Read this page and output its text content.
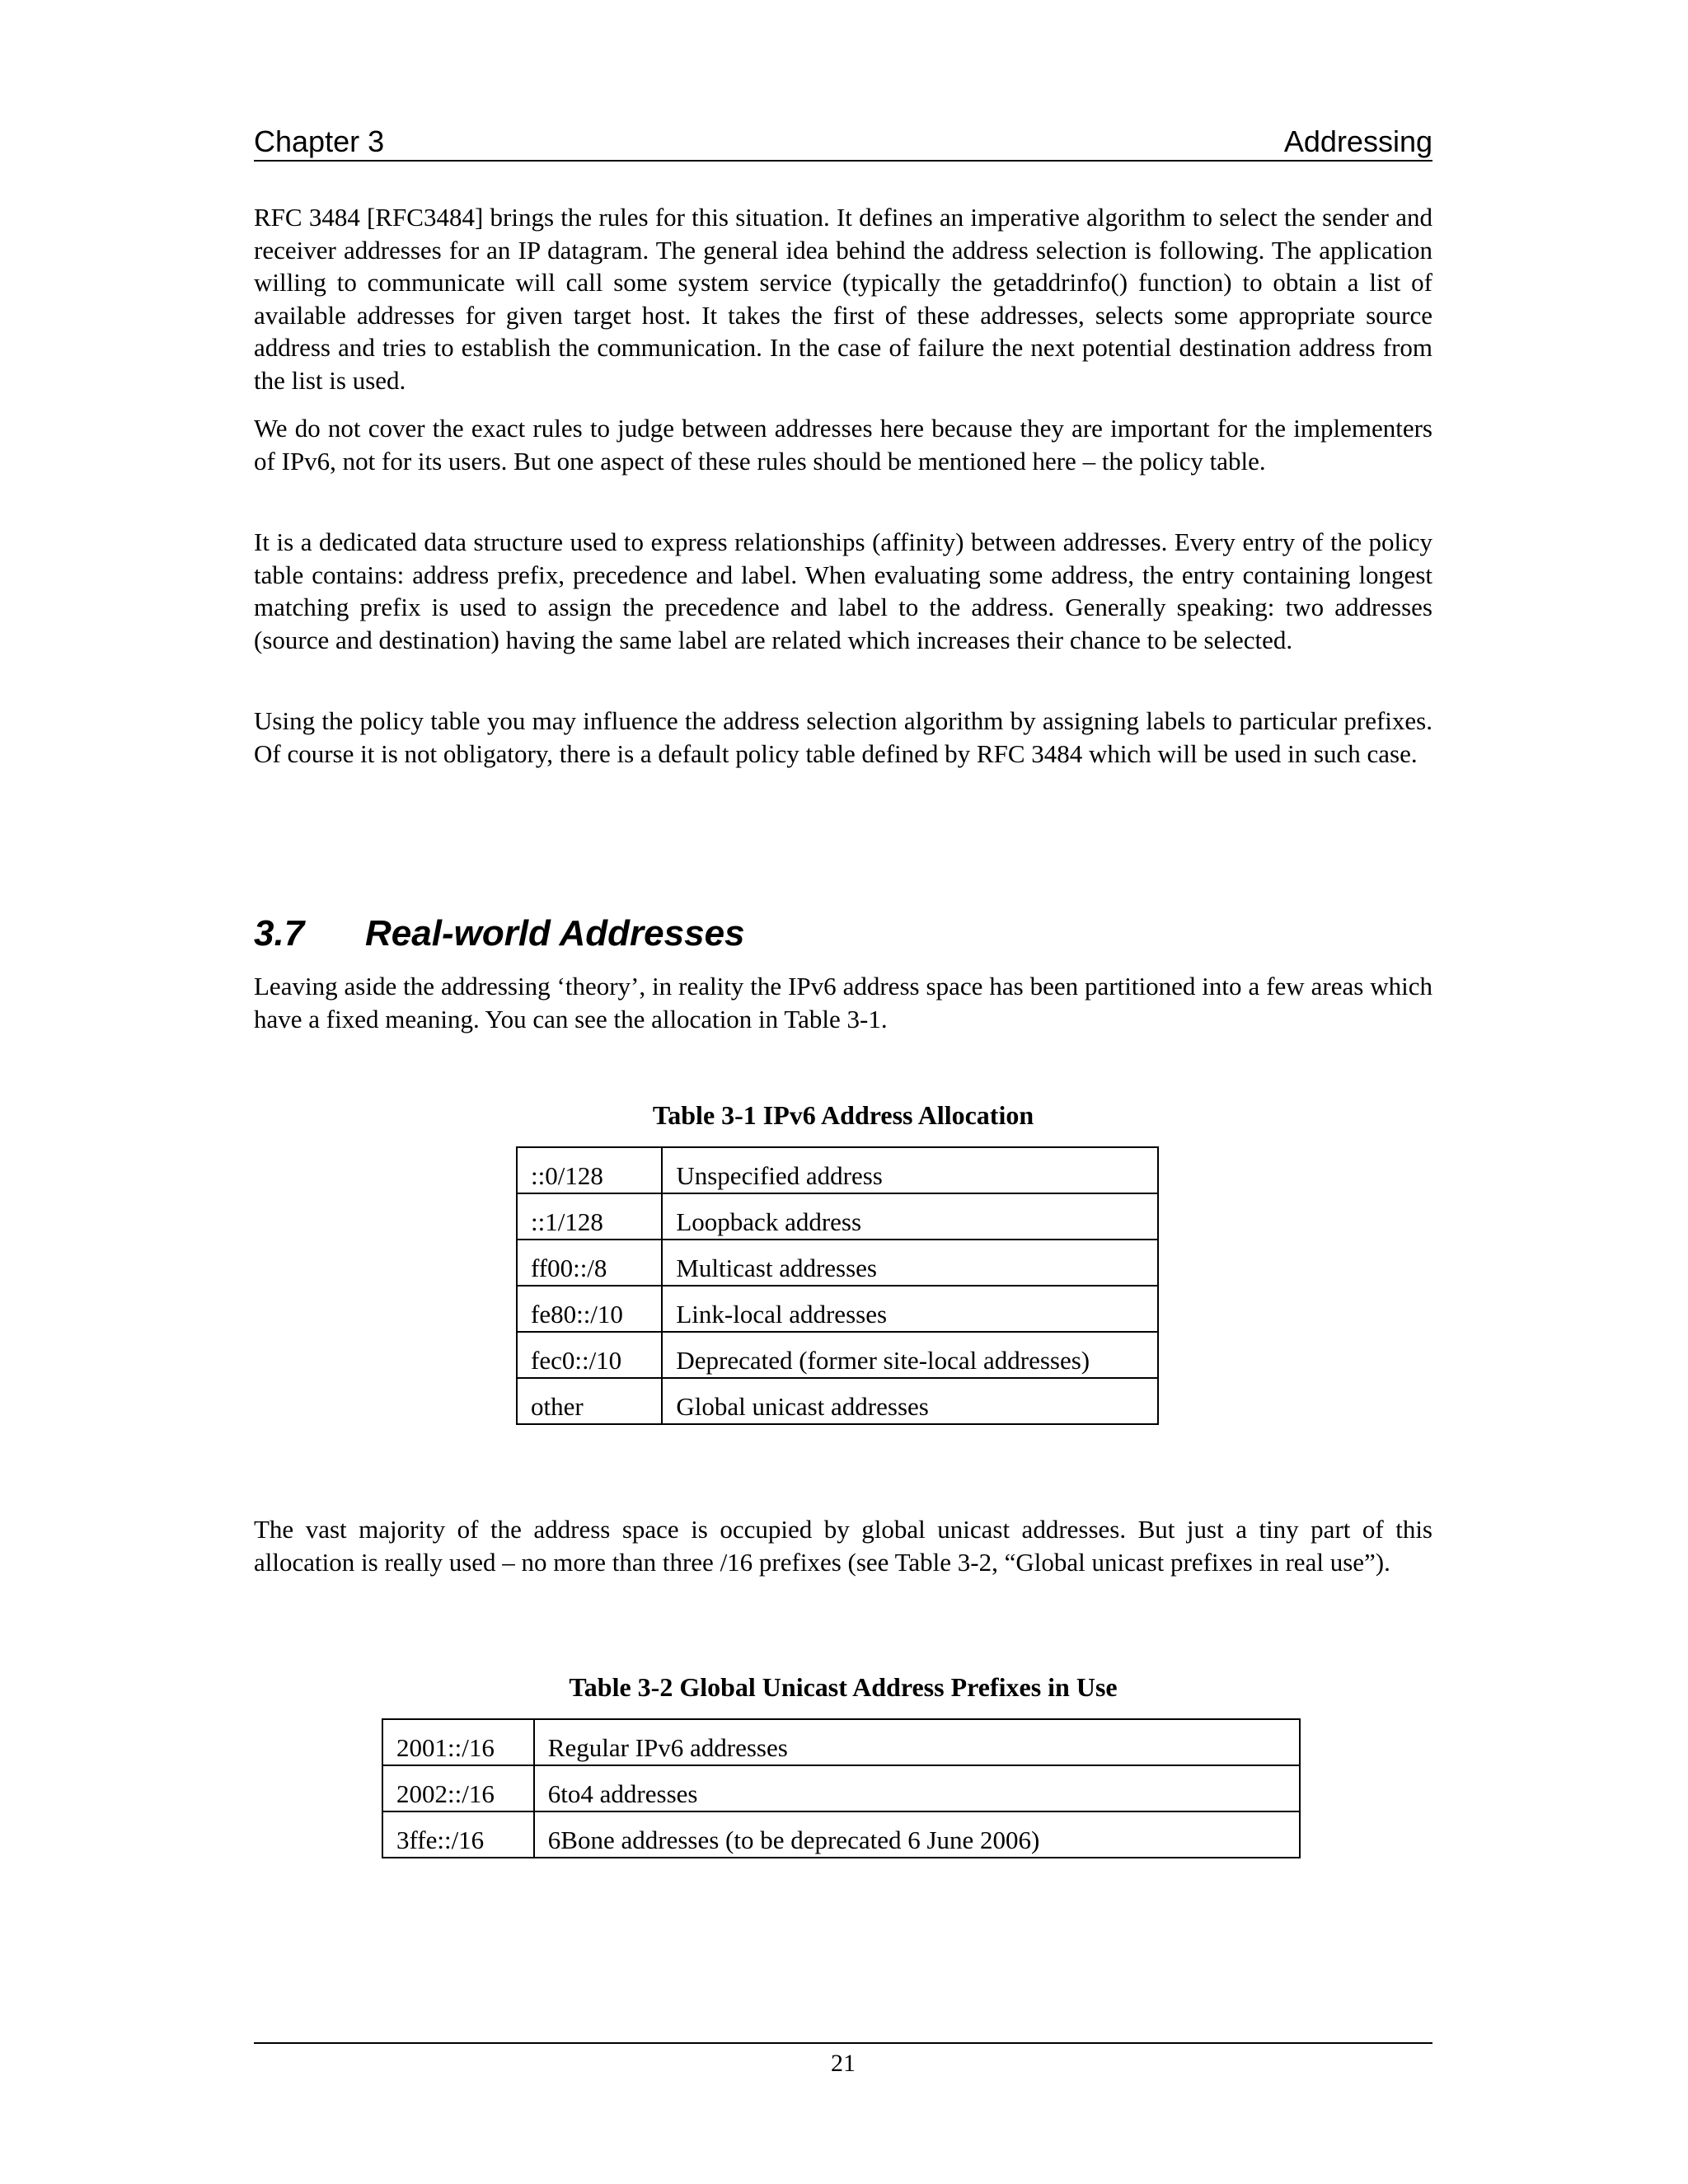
Chapter 3	Addressing

RFC 3484 [RFC3484] brings the rules for this situation. It defines an imperative algorithm to select the sender and receiver addresses for an IP datagram. The general idea behind the address selection is following. The application willing to communicate will call some system service (typically the getaddrinfo() function) to obtain a list of available addresses for given target host. It takes the first of these addresses, selects some appropriate source address and tries to establish the communication. In the case of failure the next potential destination address from the list is used.

We do not cover the exact rules to judge between addresses here because they are important for the implementers of IPv6, not for its users. But one aspect of these rules should be mentioned here – the policy table.

It is a dedicated data structure used to express relationships (affinity) between addresses. Every entry of the policy table contains: address prefix, precedence and label. When evaluating some address, the entry containing longest matching prefix is used to assign the precedence and label to the address. Generally speaking: two addresses (source and destination) having the same label are related which increases their chance to be selected.

Using the policy table you may influence the address selection algorithm by assigning labels to particular prefixes. Of course it is not obligatory, there is a default policy table defined by RFC 3484 which will be used in such case.

3.7 Real-world Addresses

Leaving aside the addressing ‘theory’, in reality the IPv6 address space has been partitioned into a few areas which have a fixed meaning. You can see the allocation in Table 3-1.

Table 3-1 IPv6 Address Allocation
::0/128	Unspecified address
::1/128	Loopback address
ff00::/8	Multicast addresses
fe80::/10	Link-local addresses
fec0::/10	Deprecated (former site-local addresses)
other	Global unicast addresses

The vast majority of the address space is occupied by global unicast addresses. But just a tiny part of this allocation is really used – no more than three /16 prefixes (see Table 3-2, “Global unicast prefixes in real use”).

Table 3-2 Global Unicast Address Prefixes in Use
2001::/16	Regular IPv6 addresses
2002::/16	6to4 addresses
3ffe::/16	6Bone addresses (to be deprecated 6 June 2006)
21
